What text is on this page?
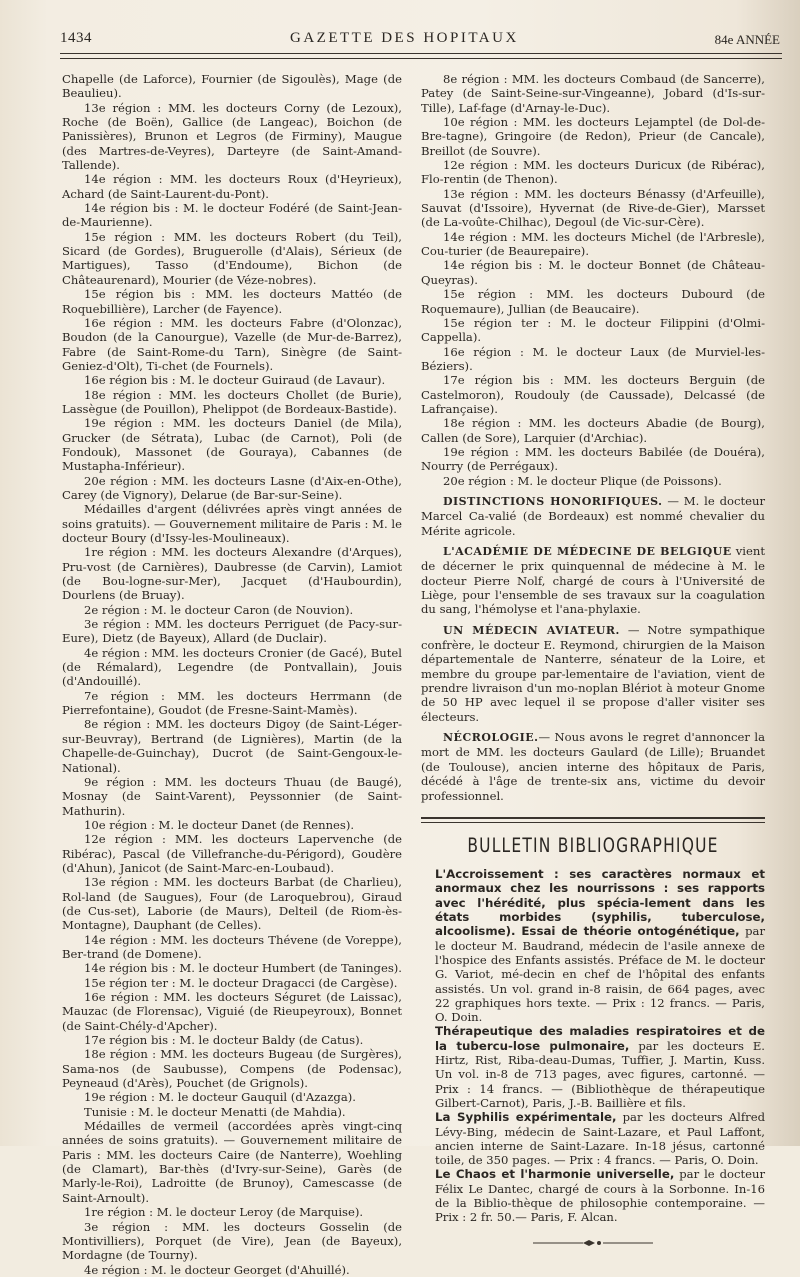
1434	GAZETTE DES HOPITAUX	84e ANNÉE

Chapelle (de Laforce), Fournier (de Sigoulès), Mage (de Beaulieu).

13e région : MM. les docteurs Corny (de Lezoux), Roche (de Boën), Gallice (de Langeac), Boichon (de Panissières), Brunon et Legros (de Firminy), Maugue (des Martres-de-Veyres), Darteyre (de Saint-Amand-Tallende).

14e région : MM. les docteurs Roux (d'Heyrieux), Achard (de Saint-Laurent-du-Pont).

14e région bis : M. le docteur Fodéré (de Saint-Jean-de-Maurienne).

15e région : MM. les docteurs Robert (du Teil), Sicard (de Gordes), Bruguerolle (d'Alais), Sérieux (de Martigues), Tasso (d'Endoume), Bichon (de Châteaurenard), Mourier (de Véze-nobres).

15e région bis : MM. les docteurs Mattéo (de Roquebillière), Larcher (de Fayence).

16e région : MM. les docteurs Fabre (d'Olonzac), Boudon (de la Canourgue), Vazelle (de Mur-de-Barrez), Fabre (de Saint-Rome-du Tarn), Sinègre (de Saint-Geniez-d'Olt), Ti-chet (de Fournels).

16e région bis : M. le docteur Guiraud (de Lavaur).

18e région : MM. les docteurs Chollet (de Burie), Lassègue (de Pouillon), Phelippot (de Bordeaux-Bastide).

19e région : MM. les docteurs Daniel (de Mila), Grucker (de Sétrata), Lubac (de Carnot), Poli (de Fondouk), Massonet (de Gouraya), Cabannes (de Mustapha-Inférieur).

20e région : MM. les docteurs Lasne (d'Aix-en-Othe), Carey (de Vignory), Delarue (de Bar-sur-Seine).

Médailles d'argent (délivrées après vingt années de soins gratuits). — Gouvernement militaire de Paris : M. le docteur Boury (d'Issy-les-Moulineaux).

1re région : MM. les docteurs Alexandre (d'Arques), Pru-vost (de Carnières), Daubresse (de Carvin), Lamiot (de Bou-logne-sur-Mer), Jacquet (d'Haubourdin), Dourlens (de Bruay).

2e région : M. le docteur Caron (de Nouvion).

3e région : MM. les docteurs Perriguet (de Pacy-sur-Eure), Dietz (de Bayeux), Allard (de Duclair).

4e région : MM. les docteurs Cronier (de Gacé), Butel (de Rémalard), Legendre (de Pontvallain), Jouis (d'Andouillé).

7e région : MM. les docteurs Herrmann (de Pierrefontaine), Goudot (de Fresne-Saint-Mamès).

8e région : MM. les docteurs Digoy (de Saint-Léger-sur-Beuvray), Bertrand (de Lignières), Martin (de la Chapelle-de-Guinchay), Ducrot (de Saint-Gengoux-le-National).

9e région : MM. les docteurs Thuau (de Baugé), Mosnay (de Saint-Varent), Peyssonnier (de Saint-Mathurin).

10e région : M. le docteur Danet (de Rennes).

12e région : MM. les docteurs Lapervenche (de Ribérac), Pascal (de Villefranche-du-Périgord), Goudère (d'Ahun), Janicot (de Saint-Marc-en-Loubaud).

13e région : MM. les docteurs Barbat (de Charlieu), Rol-land (de Saugues), Four (de Laroquebrou), Giraud (de Cus-set), Laborie (de Maurs), Delteil (de Riom-ès-Montagne), Dauphant (de Celles).

14e région : MM. les docteurs Thévene (de Voreppe), Ber-trand (de Domene).

14e région bis : M. le docteur Humbert (de Taninges).

15e région ter : M. le docteur Dragacci (de Cargèse).

16e région : MM. les docteurs Séguret (de Laissac), Mauzac (de Florensac), Viguié (de Rieupeyroux), Bonnet (de Saint-Chély-d'Apcher).

17e région bis : M. le docteur Baldy (de Catus).

18e région : MM. les docteurs Bugeau (de Surgères), Sama-nos (de Saubusse), Compens (de Podensac), Peyneaud (d'Arès), Pouchet (de Grignols).

19e région : M. le docteur Gauquil (d'Azazga).

Tunisie : M. le docteur Menatti (de Mahdia).

Médailles de vermeil (accordées après vingt-cinq années de soins gratuits). — Gouvernement militaire de Paris : MM. les docteurs Caire (de Nanterre), Woehling (de Clamart), Bar-thès (d'Ivry-sur-Seine), Garès (de Marly-le-Roi), Ladroitte (de Brunoy), Camescasse (de Saint-Arnoult).

1re région : M. le docteur Leroy (de Marquise).

3e région : MM. les docteurs Gosselin (de Montivilliers), Porquet (de Vire), Jean (de Bayeux), Mordagne (de Tourny).

4e région : M. le docteur Georget (d'Ahuillé).

8e région : MM. les docteurs Combaud (de Sancerre), Patey (de Saint-Seine-sur-Vingeanne), Jobard (d'Is-sur-Tille), Laf-fage (d'Arnay-le-Duc).

10e région : MM. les docteurs Lejamptel (de Dol-de-Bre-tagne), Gringoire (de Redon), Prieur (de Cancale), Breillot (de Souvre).

12e région : MM. les docteurs Duricux (de Ribérac), Flo-rentin (de Thenon).

13e région : MM. les docteurs Bénassy (d'Arfeuille), Sauvat (d'Issoire), Hyvernat (de Rive-de-Gier), Marsset (de La-voûte-Chilhac), Degoul (de Vic-sur-Cère).

14e région : MM. les docteurs Michel (de l'Arbresle), Cou-turier (de Beaurepaire).

14e région bis : M. le docteur Bonnet (de Château-Queyras).

15e région : MM. les docteurs Dubourd (de Roquemaure), Jullian (de Beaucaire).

15e région ter : M. le docteur Filippini (d'Olmi-Cappella).

16e région : M. le docteur Laux (de Murviel-les-Béziers).

17e région bis : MM. les docteurs Berguin (de Castelmoron), Roudouly (de Caussade), Delcassé (de Lafrançaise).

18e région : MM. les docteurs Abadie (de Bourg), Callen (de Sore), Larquier (d'Archiac).

19e région : MM. les docteurs Babilée (de Douéra), Nourry (de Perrégaux).

20e région : M. le docteur Plique (de Poissons).

DISTINCTIONS HONORIFIQUES. — M. le docteur Marcel Ca-valié (de Bordeaux) est nommé chevalier du Mérite agricole.

L'ACADÉMIE DE MÉDECINE DE BELGIQUE vient de décerner le prix quinquennal de médecine à M. le docteur Pierre Nolf, chargé de cours à l'Université de Liège, pour l'ensemble de ses travaux sur la coagulation du sang, l'hémolyse et l'ana-phylaxie.

UN MÉDECIN AVIATEUR. — Notre sympathique confrère, le docteur E. Reymond, chirurgien de la Maison départementale de Nanterre, sénateur de la Loire, et membre du groupe par-lementaire de l'aviation, vient de prendre livraison d'un mo-noplan Blériot à moteur Gnome de 50 HP avec lequel il se propose d'aller visiter ses électeurs.

NÉCROLOGIE.— Nous avons le regret d'annoncer la mort de MM. les docteurs Gaulard (de Lille); Bruandet (de Toulouse), ancien interne des hôpitaux de Paris, décédé à l'âge de trente-six ans, victime du devoir professionnel.

BULLETIN BIBLIOGRAPHIQUE

L'Accroissement : ses caractères normaux et anormaux chez les nourrissons : ses rapports avec l'hérédité, plus spécia-lement dans les états morbides (syphilis, tuberculose, alcoolisme). Essai de théorie ontogénétique, par le docteur M. Baudrand, médecin de l'asile annexe de l'hospice des Enfants assistés. Préface de M. le docteur G. Variot, mé-decin en chef de l'hôpital des enfants assistés. Un vol. grand in-8 raisin, de 664 pages, avec 22 graphiques hors texte. — Prix : 12 francs. — Paris, O. Doin.

Thérapeutique des maladies respiratoires et de la tubercu-lose pulmonaire, par les docteurs E. Hirtz, Rist, Riba-deau-Dumas, Tuffier, J. Martin, Kuss. Un vol. in-8 de 713 pages, avec figures, cartonné. — Prix : 14 francs. — (Bibliothèque de thérapeutique Gilbert-Carnot), Paris, J.-B. Baillière et fils.

La Syphilis expérimentale, par les docteurs Alfred Lévy-Bing, médecin de Saint-Lazare, et Paul Laffont, ancien interne de Saint-Lazare. In-18 jésus, cartonné toile, de 350 pages. — Prix : 4 francs. — Paris, O. Doin.

Le Chaos et l'harmonie universelle, par le docteur Félix Le Dantec, chargé de cours à la Sorbonne. In-16 de la Biblio-thèque de philosophie contemporaine. — Prix : 2 fr. 50.— Paris, F. Alcan.
